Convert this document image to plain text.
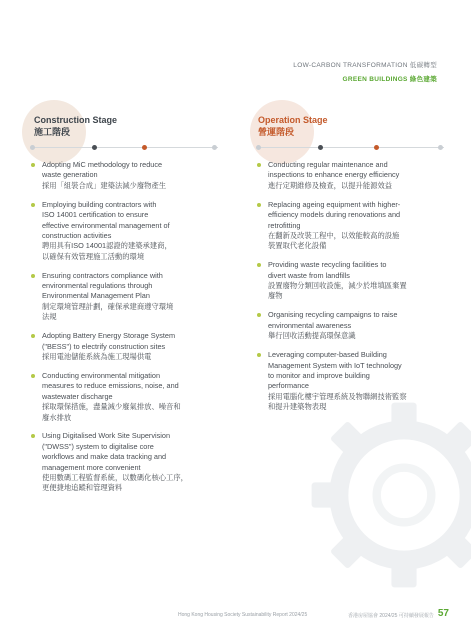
LOW-CARBON TRANSFORMATION 低碳轉型
GREEN BUILDINGS 綠色建築
Construction Stage
施工階段
Operation Stage
營運階段
Adopting MiC methodology to reduce
waste generation
採用「組裝合成」建築法減少廢物產生
Employing building contractors with
ISO 14001 certification to ensure
effective environmental management of
construction activities
聘用具有ISO 14001認證的建築承建商，
以確保有效管理施工活動的環境
Ensuring contractors compliance with
environmental regulations through
Environmental Management Plan
制定環境管理計劃，確保承建商遵守環境
法規
Adopting Battery Energy Storage System
("BESS") to electrify construction sites
採用電池儲能系統為施工現場供電
Conducting environmental mitigation
measures to reduce emissions, noise, and
wastewater discharge
採取環保措施，盡量減少廢氣排放、噪音和
廢水排放
Using Digitalised Work Site Supervision
("DWSS") system to digitalise core
workflows and make data tracking and
management more convenient
使用數碼工程監督系統，以數碼化核心工序，
更便捷地追蹤和管理資料
Conducting regular maintenance and
inspections to enhance energy efficiency
進行定期維修及檢查，以提升能源效益
Replacing ageing equipment with higher-
efficiency models during renovations and
retrofitting
在翻新及改裝工程中，以效能較高的設施
裝置取代老化設備
Providing waste recycling facilities to
divert waste from landfills
設置廢物分類回收設施，減少於堆填區棄置
廢物
Organising recycling campaigns to raise
environmental awareness
舉行回收活動提高環保意識
Leveraging computer-based Building
Management System with IoT technology
to monitor and improve building
performance
採用電腦化樓宇管理系統及物聯網技術監察
和提升建築物表現
Hong Kong Housing Society Sustainability Report 2024/25	香港房屋協會 2024/25 可持續發展報告 57
